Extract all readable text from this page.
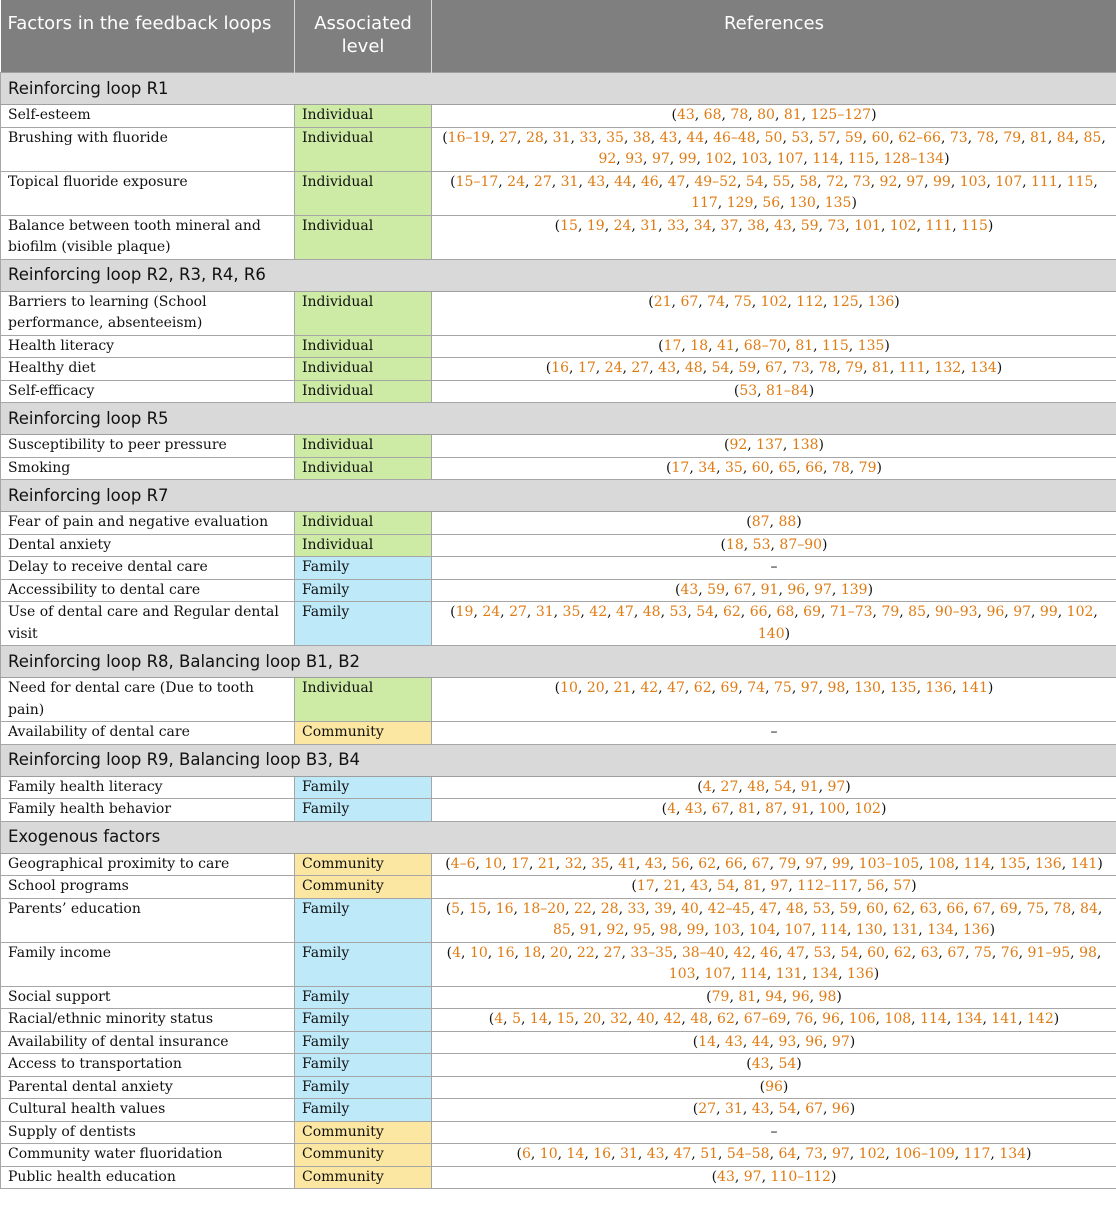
Factors in the feedback loops	Associated level	References
Reinforcing loop R1		
Self-esteem	Individual	(43, 68, 78, 80, 81, 125–127)
Brushing with fluoride	Individual	(16–19, 27, 28, 31, 33, 35, 38, 43, 44, 46–48, 50, 53, 57, 59, 60, 62–66, 73, 78, 79, 81, 84, 85, 92, 93, 97, 99, 102, 103, 107, 114, 115, 128–134)
Topical fluoride exposure	Individual	(15–17, 24, 27, 31, 43, 44, 46, 47, 49–52, 54, 55, 58, 72, 73, 92, 97, 99, 103, 107, 111, 115, 117, 129, 56, 130, 135)
Balance between tooth mineral and biofilm (visible plaque)	Individual	(15, 19, 24, 31, 33, 34, 37, 38, 43, 59, 73, 101, 102, 111, 115)
Reinforcing loop R2, R3, R4, R6		
Barriers to learning (School performance, absenteeism)	Individual	(21, 67, 74, 75, 102, 112, 125, 136)
Health literacy	Individual	(17, 18, 41, 68–70, 81, 115, 135)
Healthy diet	Individual	(16, 17, 24, 27, 43, 48, 54, 59, 67, 73, 78, 79, 81, 111, 132, 134)
Self-efficacy	Individual	(53, 81–84)
Reinforcing loop R5		
Susceptibility to peer pressure	Individual	(92, 137, 138)
Smoking	Individual	(17, 34, 35, 60, 65, 66, 78, 79)
Reinforcing loop R7		
Fear of pain and negative evaluation	Individual	(87, 88)
Dental anxiety	Individual	(18, 53, 87–90)
Delay to receive dental care	Family	–
Accessibility to dental care	Family	(43, 59, 67, 91, 96, 97, 139)
Use of dental care and Regular dental visit	Family	(19, 24, 27, 31, 35, 42, 47, 48, 53, 54, 62, 66, 68, 69, 71–73, 79, 85, 90–93, 96, 97, 99, 102, 140)
Reinforcing loop R8, Balancing loop B1, B2		
Need for dental care (Due to tooth pain)	Individual	(10, 20, 21, 42, 47, 62, 69, 74, 75, 97, 98, 130, 135, 136, 141)
Availability of dental care	Community	–
Reinforcing loop R9, Balancing loop B3, B4		
Family health literacy	Family	(4, 27, 48, 54, 91, 97)
Family health behavior	Family	(4, 43, 67, 81, 87, 91, 100, 102)
Exogenous factors		
Geographical proximity to care	Community	(4–6, 10, 17, 21, 32, 35, 41, 43, 56, 62, 66, 67, 79, 97, 99, 103–105, 108, 114, 135, 136, 141)
School programs	Community	(17, 21, 43, 54, 81, 97, 112–117, 56, 57)
Parents’ education	Family	(5, 15, 16, 18–20, 22, 28, 33, 39, 40, 42–45, 47, 48, 53, 59, 60, 62, 63, 66, 67, 69, 75, 78, 84, 85, 91, 92, 95, 98, 99, 103, 104, 107, 114, 130, 131, 134, 136)
Family income	Family	(4, 10, 16, 18, 20, 22, 27, 33–35, 38–40, 42, 46, 47, 53, 54, 60, 62, 63, 67, 75, 76, 91–95, 98, 103, 107, 114, 131, 134, 136)
Social support	Family	(79, 81, 94, 96, 98)
Racial/ethnic minority status	Family	(4, 5, 14, 15, 20, 32, 40, 42, 48, 62, 67–69, 76, 96, 106, 108, 114, 134, 141, 142)
Availability of dental insurance	Family	(14, 43, 44, 93, 96, 97)
Access to transportation	Family	(43, 54)
Parental dental anxiety	Family	(96)
Cultural health values	Family	(27, 31, 43, 54, 67, 96)
Supply of dentists	Community	–
Community water fluoridation	Community	(6, 10, 14, 16, 31, 43, 47, 51, 54–58, 64, 73, 97, 102, 106–109, 117, 134)
Public health education	Community	(43, 97, 110–112)
